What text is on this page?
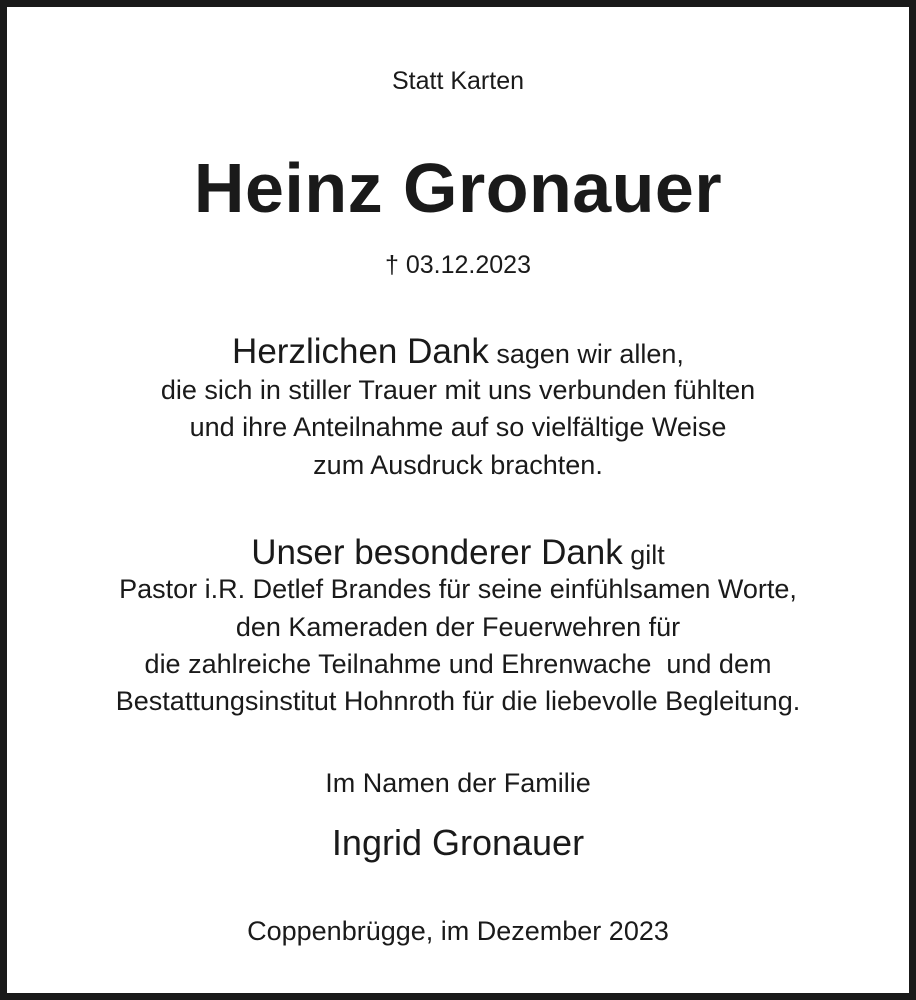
Statt Karten
Heinz Gronauer
† 03.12.2023
Herzlichen Dank sagen wir allen,
die sich in stiller Trauer mit uns verbunden fühlten
und ihre Anteilnahme auf so vielfältige Weise
zum Ausdruck brachten.
Unser besonderer Dank gilt
Pastor i.R. Detlef Brandes für seine einfühlsamen Worte,
den Kameraden der Feuerwehren für
die zahlreiche Teilnahme und Ehrenwache  und dem
Bestattungsinstitut Hohnroth für die liebevolle Begleitung.
Im Namen der Familie
Ingrid Gronauer
Coppenbrügge, im Dezember 2023
